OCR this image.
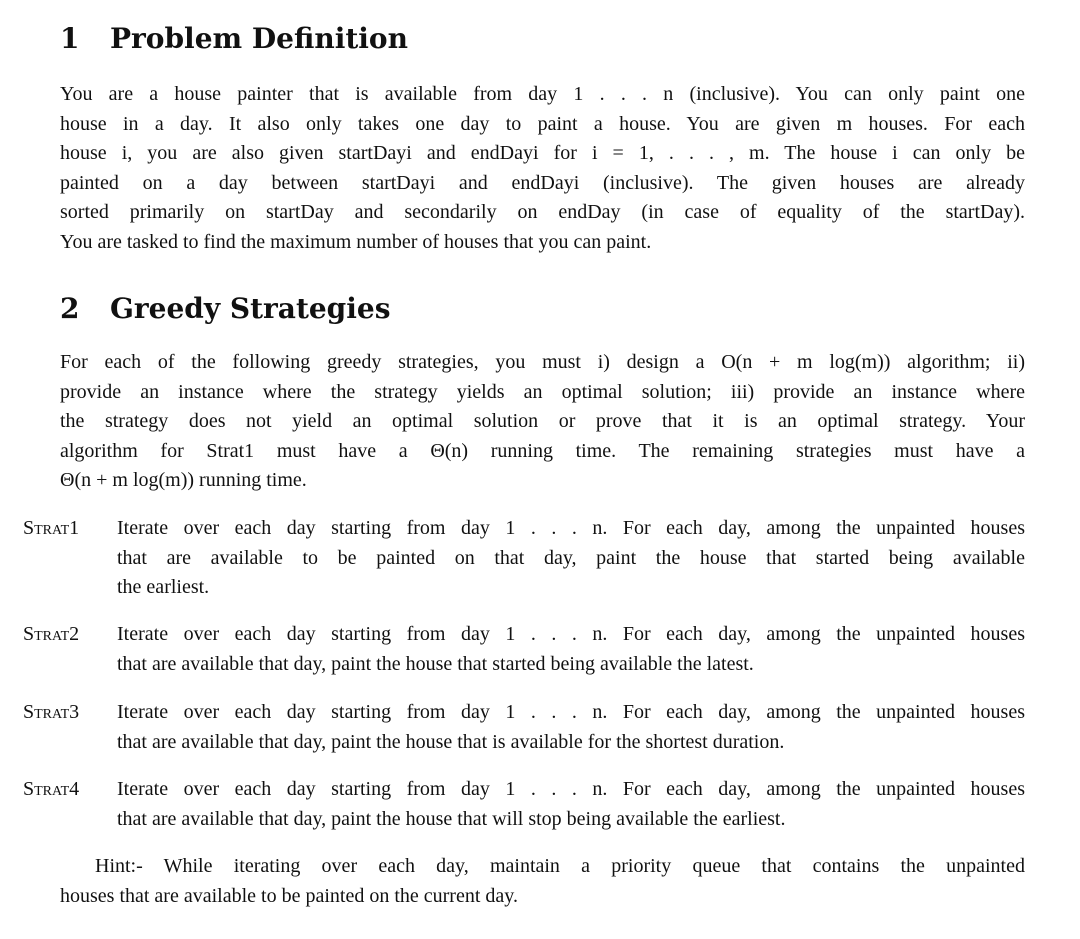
1 Problem Definition
You are a house painter that is available from day 1 . . . n (inclusive). You can only paint one
house in a day. It also only takes one day to paint a house. You are given m houses. For each
house i, you are also given startDayi and endDayi for i = 1, . . . , m. The house i can only be
painted on a day between startDayi and endDayi (inclusive). The given houses are already
sorted primarily on startDay and secondarily on endDay (in case of equality of the startDay).
You are tasked to find the maximum number of houses that you can paint.
2 Greedy Strategies
For each of the following greedy strategies, you must i) design a O(n + m log(m)) algorithm; ii)
provide an instance where the strategy yields an optimal solution; iii) provide an instance where
the strategy does not yield an optimal solution or prove that it is an optimal strategy. Your
algorithm for Strat1 must have a Θ(n) running time. The remaining strategies must have a
Θ(n + m log(m)) running time.
Strat1 Iterate over each day starting from day 1 . . . n. For each day, among the unpainted houses
that are available to be painted on that day, paint the house that started being available
the earliest.
Strat2 Iterate over each day starting from day 1 . . . n. For each day, among the unpainted houses
that are available that day, paint the house that started being available the latest.
Strat3 Iterate over each day starting from day 1 . . . n. For each day, among the unpainted houses
that are available that day, paint the house that is available for the shortest duration.
Strat4 Iterate over each day starting from day 1 . . . n. For each day, among the unpainted houses
that are available that day, paint the house that will stop being available the earliest.
Hint:- While iterating over each day, maintain a priority queue that contains the unpainted
houses that are available to be painted on the current day.
